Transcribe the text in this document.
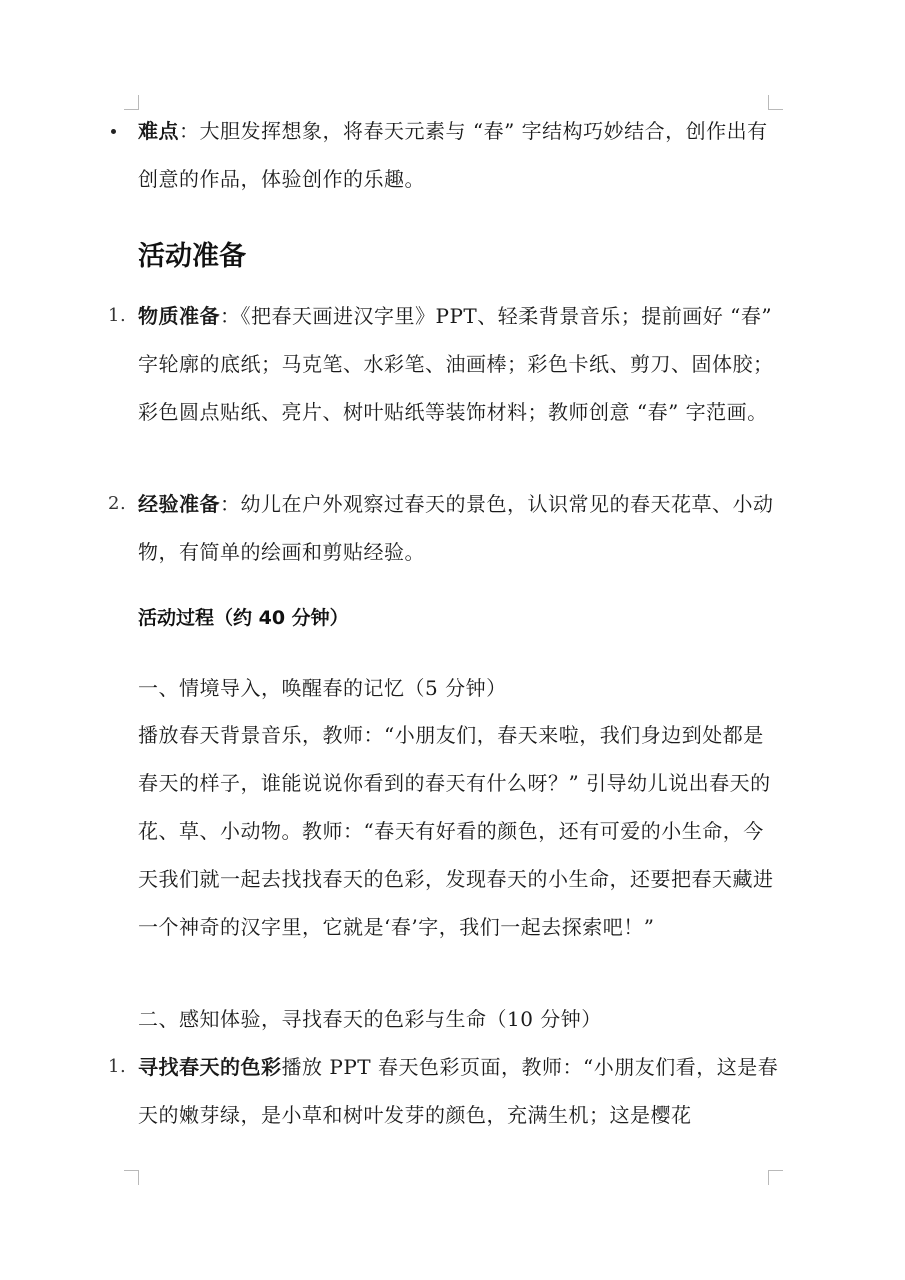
难点：大胆发挥想象，将春天元素与 “春” 字结构巧妙结合，创作出有创意的作品，体验创作的乐趣。
活动准备
1. 物质准备：《把春天画进汉字里》PPT、轻柔背景音乐；提前画好 “春” 字轮廓的底纸；马克笔、水彩笔、油画棒；彩色卡纸、剪刀、固体胶；彩色圆点贴纸、亮片、树叶贴纸等装饰材料；教师创意 “春” 字范画。
2. 经验准备：幼儿在户外观察过春天的景色，认识常见的春天花草、小动物，有简单的绘画和剪贴经验。
活动过程（约 40 分钟）
一、情境导入，唤醒春的记忆（5 分钟）
播放春天背景音乐，教师：“小朋友们，春天来啦，我们身边到处都是春天的样子，谁能说说你看到的春天有什么呀？” 引导幼儿说出春天的花、草、小动物。教师：“春天有好看的颜色，还有可爱的小生命，今天我们就一起去找找春天的色彩，发现春天的小生命，还要把春天藏进一个神奇的汉字里，它就是‘春’字，我们一起去探索吧！”
二、感知体验，寻找春天的色彩与生命（10 分钟）
1. 寻找春天的色彩播放 PPT 春天色彩页面，教师：“小朋友们看，这是春天的嫩芽绿，是小草和树叶发芽的颜色，充满生机；这是樱花
